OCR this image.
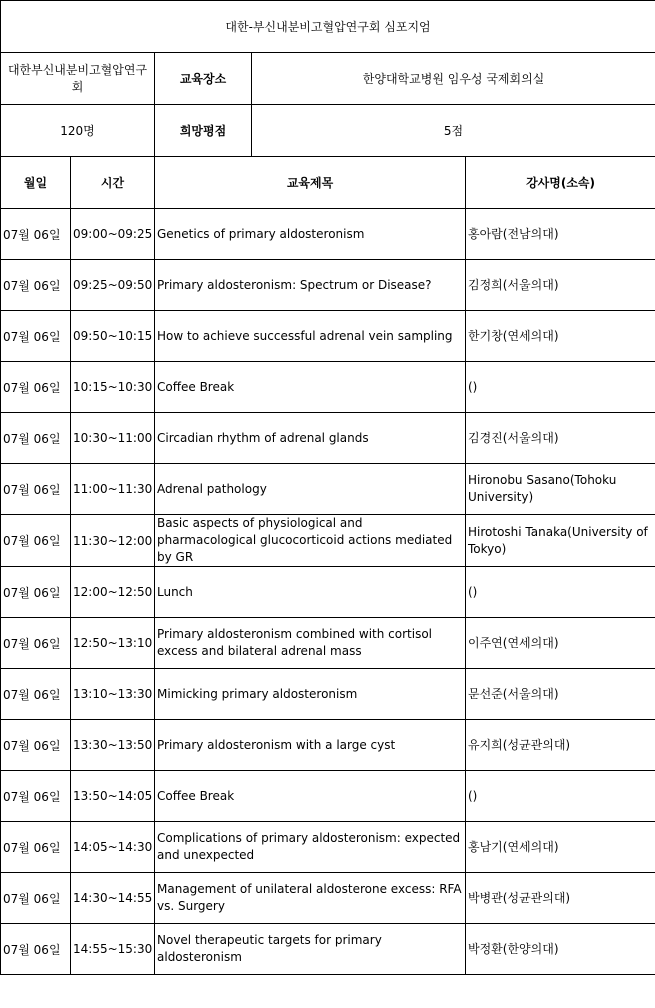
대한-부신내분비고혈압연구회 심포지엄				
대한부신내분비고혈압연구회		교육장소	한양대학교병원 임우성 국제회의실	
120명		희망평점	5점	
월일	시간	교육제목		강사명(소속)
07월 06일	09:00~09:25	Genetics of primary aldosteronism		홍아람(전남의대)
07월 06일	09:25~09:50	Primary aldosteronism: Spectrum or Disease?		김정희(서울의대)
07월 06일	09:50~10:15	How to achieve successful adrenal vein sampling		한기창(연세의대)
07월 06일	10:15~10:30	Coffee Break		()
07월 06일	10:30~11:00	Circadian rhythm of adrenal glands		김경진(서울의대)
07월 06일	11:00~11:30	Adrenal pathology		Hironobu Sasano(Tohoku University)
07월 06일	11:30~12:00	Basic aspects of physiological and pharmacological glucocorticoid actions mediated by GR		Hirotoshi Tanaka(University of Tokyo)
07월 06일	12:00~12:50	Lunch		()
07월 06일	12:50~13:10	Primary aldosteronism combined with cortisol excess and bilateral adrenal mass		이주연(연세의대)
07월 06일	13:10~13:30	Mimicking primary aldosteronism		문선준(서울의대)
07월 06일	13:30~13:50	Primary aldosteronism with a large cyst		유지희(성균관의대)
07월 06일	13:50~14:05	Coffee Break		()
07월 06일	14:05~14:30	Complications of primary aldosteronism: expected and unexpected		홍남기(연세의대)
07월 06일	14:30~14:55	Management of unilateral aldosterone excess: RFA vs. Surgery		박병관(성균관의대)
07월 06일	14:55~15:30	Novel therapeutic targets for primary aldosteronism		박정환(한양의대)
